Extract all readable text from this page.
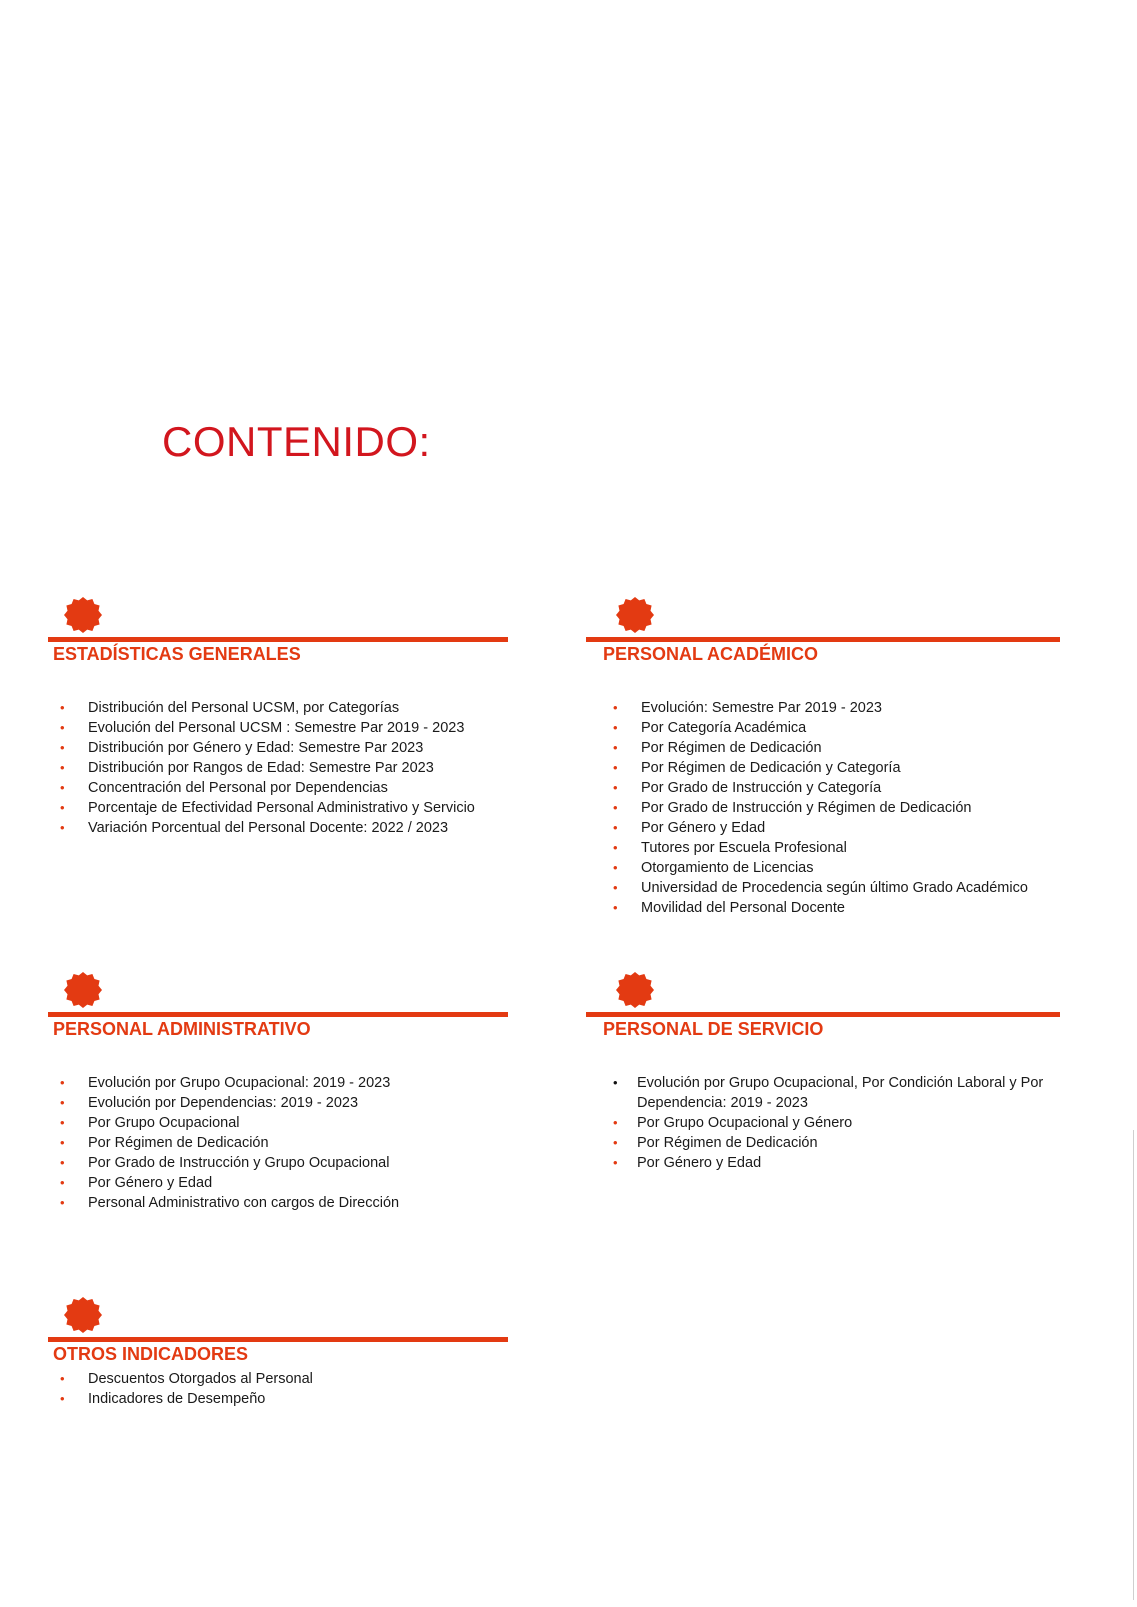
CONTENIDO:
ESTADÍSTICAS GENERALES
•	Distribución del Personal UCSM, por Categorías
•	Evolución del Personal UCSM : Semestre Par 2019 - 2023
•	Distribución por Género y Edad: Semestre Par 2023
•	Distribución por Rangos de Edad: Semestre Par 2023
•	Concentración del Personal por Dependencias
•	Porcentaje de Efectividad Personal Administrativo y Servicio
•	Variación Porcentual del Personal Docente: 2022 / 2023
PERSONAL ACADÉMICO
•	Evolución: Semestre Par 2019 - 2023
•	Por Categoría Académica
•	Por Régimen de Dedicación
•	Por Régimen de Dedicación y Categoría
•	Por Grado de Instrucción y Categoría
•	Por Grado de Instrucción y Régimen de Dedicación
•	Por Género y Edad
•	Tutores por Escuela Profesional
•	Otorgamiento de Licencias
•	Universidad de Procedencia según último Grado Académico
•	Movilidad del Personal Docente
PERSONAL ADMINISTRATIVO
•	Evolución por Grupo Ocupacional: 2019 - 2023
•	Evolución por Dependencias: 2019 - 2023
•	Por Grupo Ocupacional
•	Por Régimen de Dedicación
•	Por Grado de Instrucción y Grupo Ocupacional
•	Por Género y Edad
•	Personal Administrativo con cargos de Dirección
PERSONAL DE SERVICIO
•	Evolución por Grupo Ocupacional, Por Condición Laboral y Por Dependencia: 2019 - 2023
•	Por Grupo Ocupacional y Género
•	Por Régimen de Dedicación
•	Por Género y Edad
OTROS INDICADORES
•	Descuentos Otorgados al Personal
•	Indicadores de Desempeño
